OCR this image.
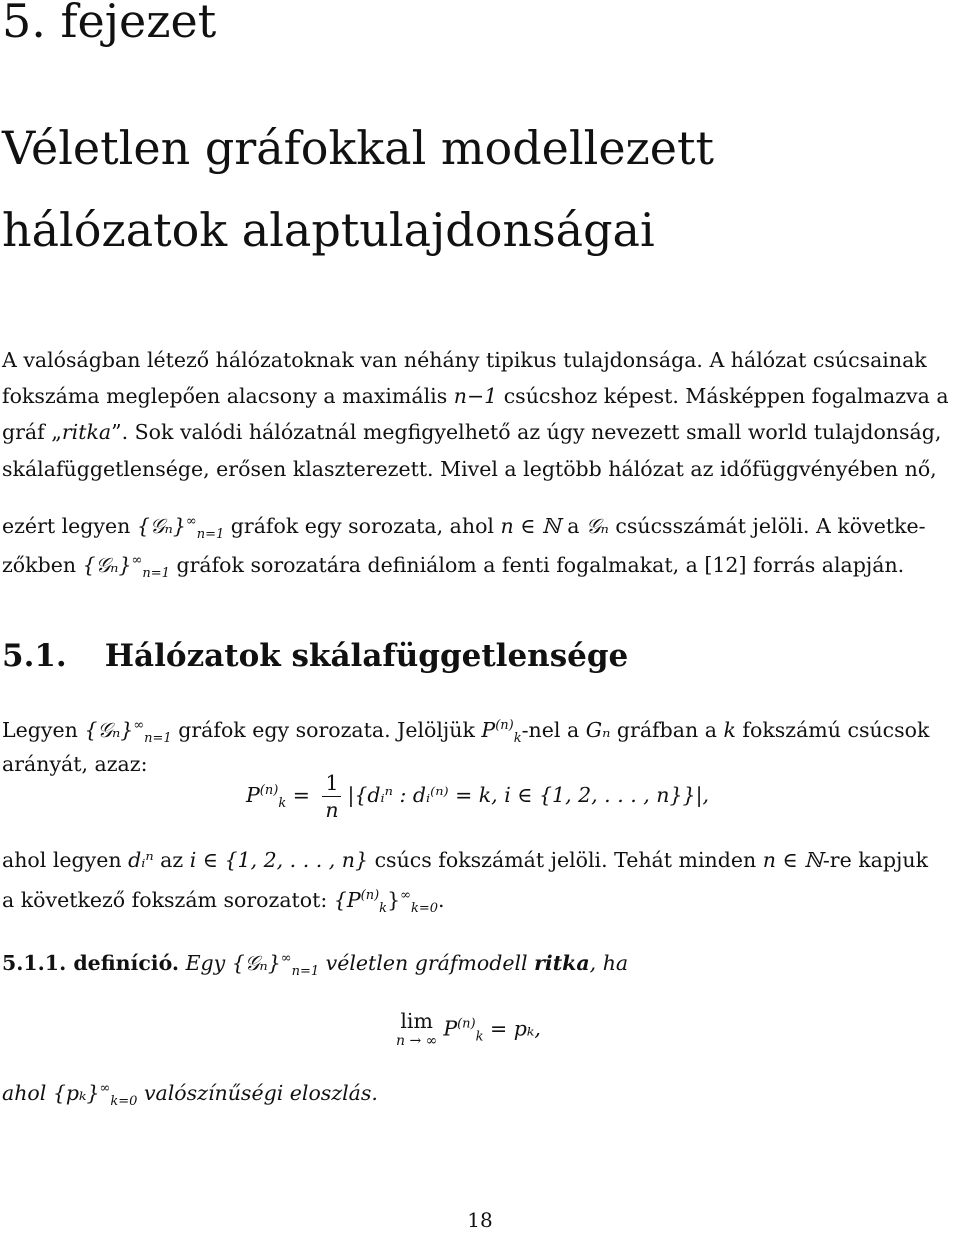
5. fejezet
Véletlen gráfokkal modellezett
hálózatok alaptulajdonságai
A valóságban létező hálózatoknak van néhány tipikus tulajdonsága. A hálózat csúcsainak
fokszáma meglepően alacsony a maximális n−1 csúcshoz képest. Másképpen fogalmazva a
gráf „ritka”. Sok valódi hálózatnál megfigyelhető az úgy nevezett small world tulajdonság,
skálafüggetlensége, erősen klaszterezett. Mivel a legtöbb hálózat az időfüggvényében nő,
ezért legyen $\{𝒢_n\}^\infty_{n=1}$ gráfok egy sorozata, ahol n ∈ ℕ a 𝒢ₙ csúcsszámát jelöli. A követke-
zőkben $\{𝒢_n\}^\infty_{n=1}$ gráfok sorozatára definiálom a fenti fogalmakat, a [12] forrás alapján.
5.1. Hálózatok skálafüggetlensége
Legyen $\{𝒢_n\}^\infty_{n=1}$ gráfok egy sorozata. Jelöljük $P^{(n)}_k$-nel a Gₙ gráfban a k fokszámú csúcsok
arányát, azaz:
$P^{(n)}_k = \frac{1}{n}$ |{dᵢⁿ : dᵢ⁽ⁿ⁾ = k, i ∈ {1, 2, . . . , n}}|,
ahol legyen dᵢⁿ az i ∈ {1, 2, . . . , n} csúcs fokszámát jelöli. Tehát minden n ∈ ℕ-re kapjuk
a következő fokszám sorozatot: $\{P^{(n)}_k\}^\infty_{k=0}$.
5.1.1. definíció. Egy $\{𝒢_n\}^\infty_{n=1}$ véletlen gráfmodell ritka, ha
lim
n → ∞
$P^{(n)}_k = p_k$,
ahol $\{p_k\}^\infty_{k=0}$ valószínűségi eloszlás.
18
